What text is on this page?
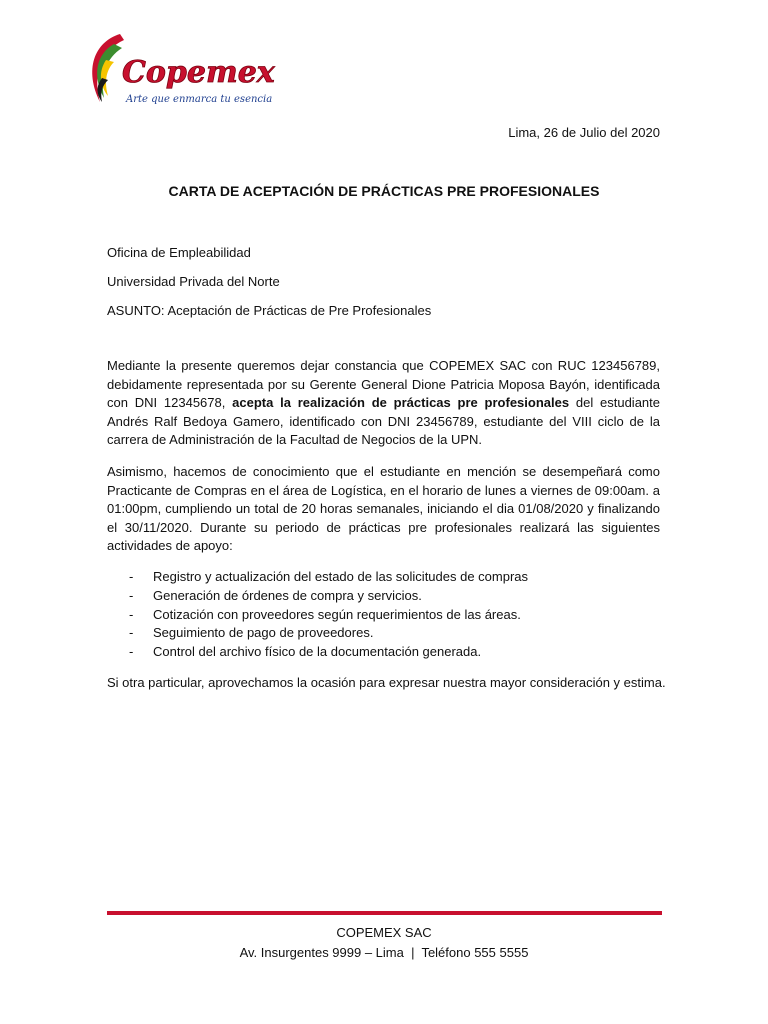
Copemex
Arte que enmarca tu esencia
Lima, 26 de Julio del 2020
CARTA DE ACEPTACIÓN DE PRÁCTICAS PRE PROFESIONALES
Oficina de Empleabilidad
Universidad Privada del Norte
ASUNTO: Aceptación de Prácticas de Pre Profesionales

Mediante la presente queremos dejar constancia que COPEMEX SAC con RUC 123456789, debidamente representada por su Gerente General Dione Patricia Moposa Bayón, identificada con DNI 12345678, acepta la realización de prácticas pre profesionales del estudiante Andrés Ralf Bedoya Gamero, identificado con DNI 23456789, estudiante del VIII ciclo de la carrera de Administración de la Facultad de Negocios de la UPN.

Asimismo, hacemos de conocimiento que el estudiante en mención se desempeñará como Practicante de Compras en el área de Logística, en el horario de lunes a viernes de 09:00am. a 01:00pm, cumpliendo un total de 20 horas semanales, iniciando el dia 01/08/2020 y finalizando el 30/11/2020. Durante su periodo de prácticas pre profesionales realizará las siguientes actividades de apoyo:

- Registro y actualización del estado de las solicitudes de compras
- Generación de órdenes de compra y servicios.
- Cotización con proveedores según requerimientos de las áreas.
- Seguimiento de pago de proveedores.
- Control del archivo físico de la documentación generada.
Si otra particular, aprovechamos la ocasión para expresar nuestra mayor consideración y estima.
COPEMEX SAC
Av. Insurgentes 9999 – Lima  |  Teléfono 555 5555
